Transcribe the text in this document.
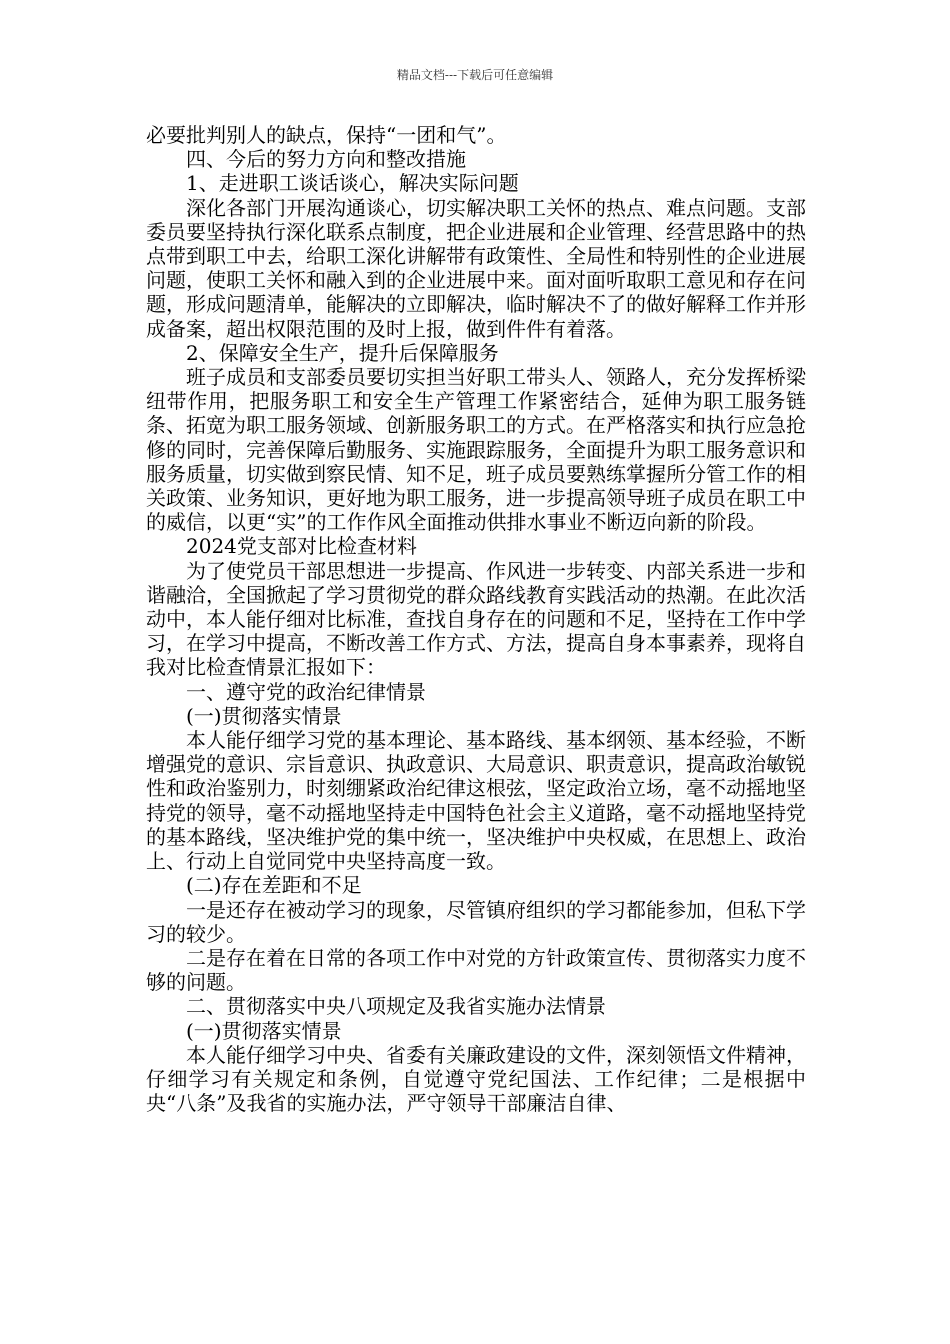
精品文档---下载后可任意编辑

必要批判别人的缺点，保持“一团和气”。

四、今后的努力方向和整改措施

1、走进职工谈话谈心，解决实际问题

深化各部门开展沟通谈心，切实解决职工关怀的热点、难点问题。支部委员要坚持执行深化联系点制度，把企业进展和企业管理、经营思路中的热点带到职工中去，给职工深化讲解带有政策性、全局性和特别性的企业进展问题，使职工关怀和融入到的企业进展中来。面对面听取职工意见和存在问题，形成问题清单，能解决的立即解决，临时解决不了的做好解释工作并形成备案，超出权限范围的及时上报，做到件件有着落。

2、保障安全生产，提升后保障服务

班子成员和支部委员要切实担当好职工带头人、领路人，充分发挥桥梁纽带作用，把服务职工和安全生产管理工作紧密结合，延伸为职工服务链条、拓宽为职工服务领域、创新服务职工的方式。在严格落实和执行应急抢修的同时，完善保障后勤服务、实施跟踪服务，全面提升为职工服务意识和服务质量，切实做到察民情、知不足，班子成员要熟练掌握所分管工作的相关政策、业务知识，更好地为职工服务，进一步提高领导班子成员在职工中的威信，以更“实”的工作作风全面推动供排水事业不断迈向新的阶段。

2024党支部对比检查材料

为了使党员干部思想进一步提高、作风进一步转变、内部关系进一步和谐融洽，全国掀起了学习贯彻党的群众路线教育实践活动的热潮。在此次活动中，本人能仔细对比标准，查找自身存在的问题和不足，坚持在工作中学习，在学习中提高，不断改善工作方式、方法，提高自身本事素养，现将自我对比检查情景汇报如下：

一、遵守党的政治纪律情景

(一)贯彻落实情景

本人能仔细学习党的基本理论、基本路线、基本纲领、基本经验，不断增强党的意识、宗旨意识、执政意识、大局意识、职责意识，提高政治敏锐性和政治鉴别力，时刻绷紧政治纪律这根弦，坚定政治立场，毫不动摇地坚持党的领导，毫不动摇地坚持走中国特色社会主义道路，毫不动摇地坚持党的基本路线，坚决维护党的集中统一，坚决维护中央权威，在思想上、政治上、行动上自觉同党中央坚持高度一致。

(二)存在差距和不足

一是还存在被动学习的现象，尽管镇府组织的学习都能参加，但私下学习的较少。

二是存在着在日常的各项工作中对党的方针政策宣传、贯彻落实力度不够的问题。

二、贯彻落实中央八项规定及我省实施办法情景

(一)贯彻落实情景

本人能仔细学习中央、省委有关廉政建设的文件，深刻领悟文件精神，仔细学习有关规定和条例，自觉遵守党纪国法、工作纪律；二是根据中央“八条”及我省的实施办法，严守领导干部廉洁自律、
